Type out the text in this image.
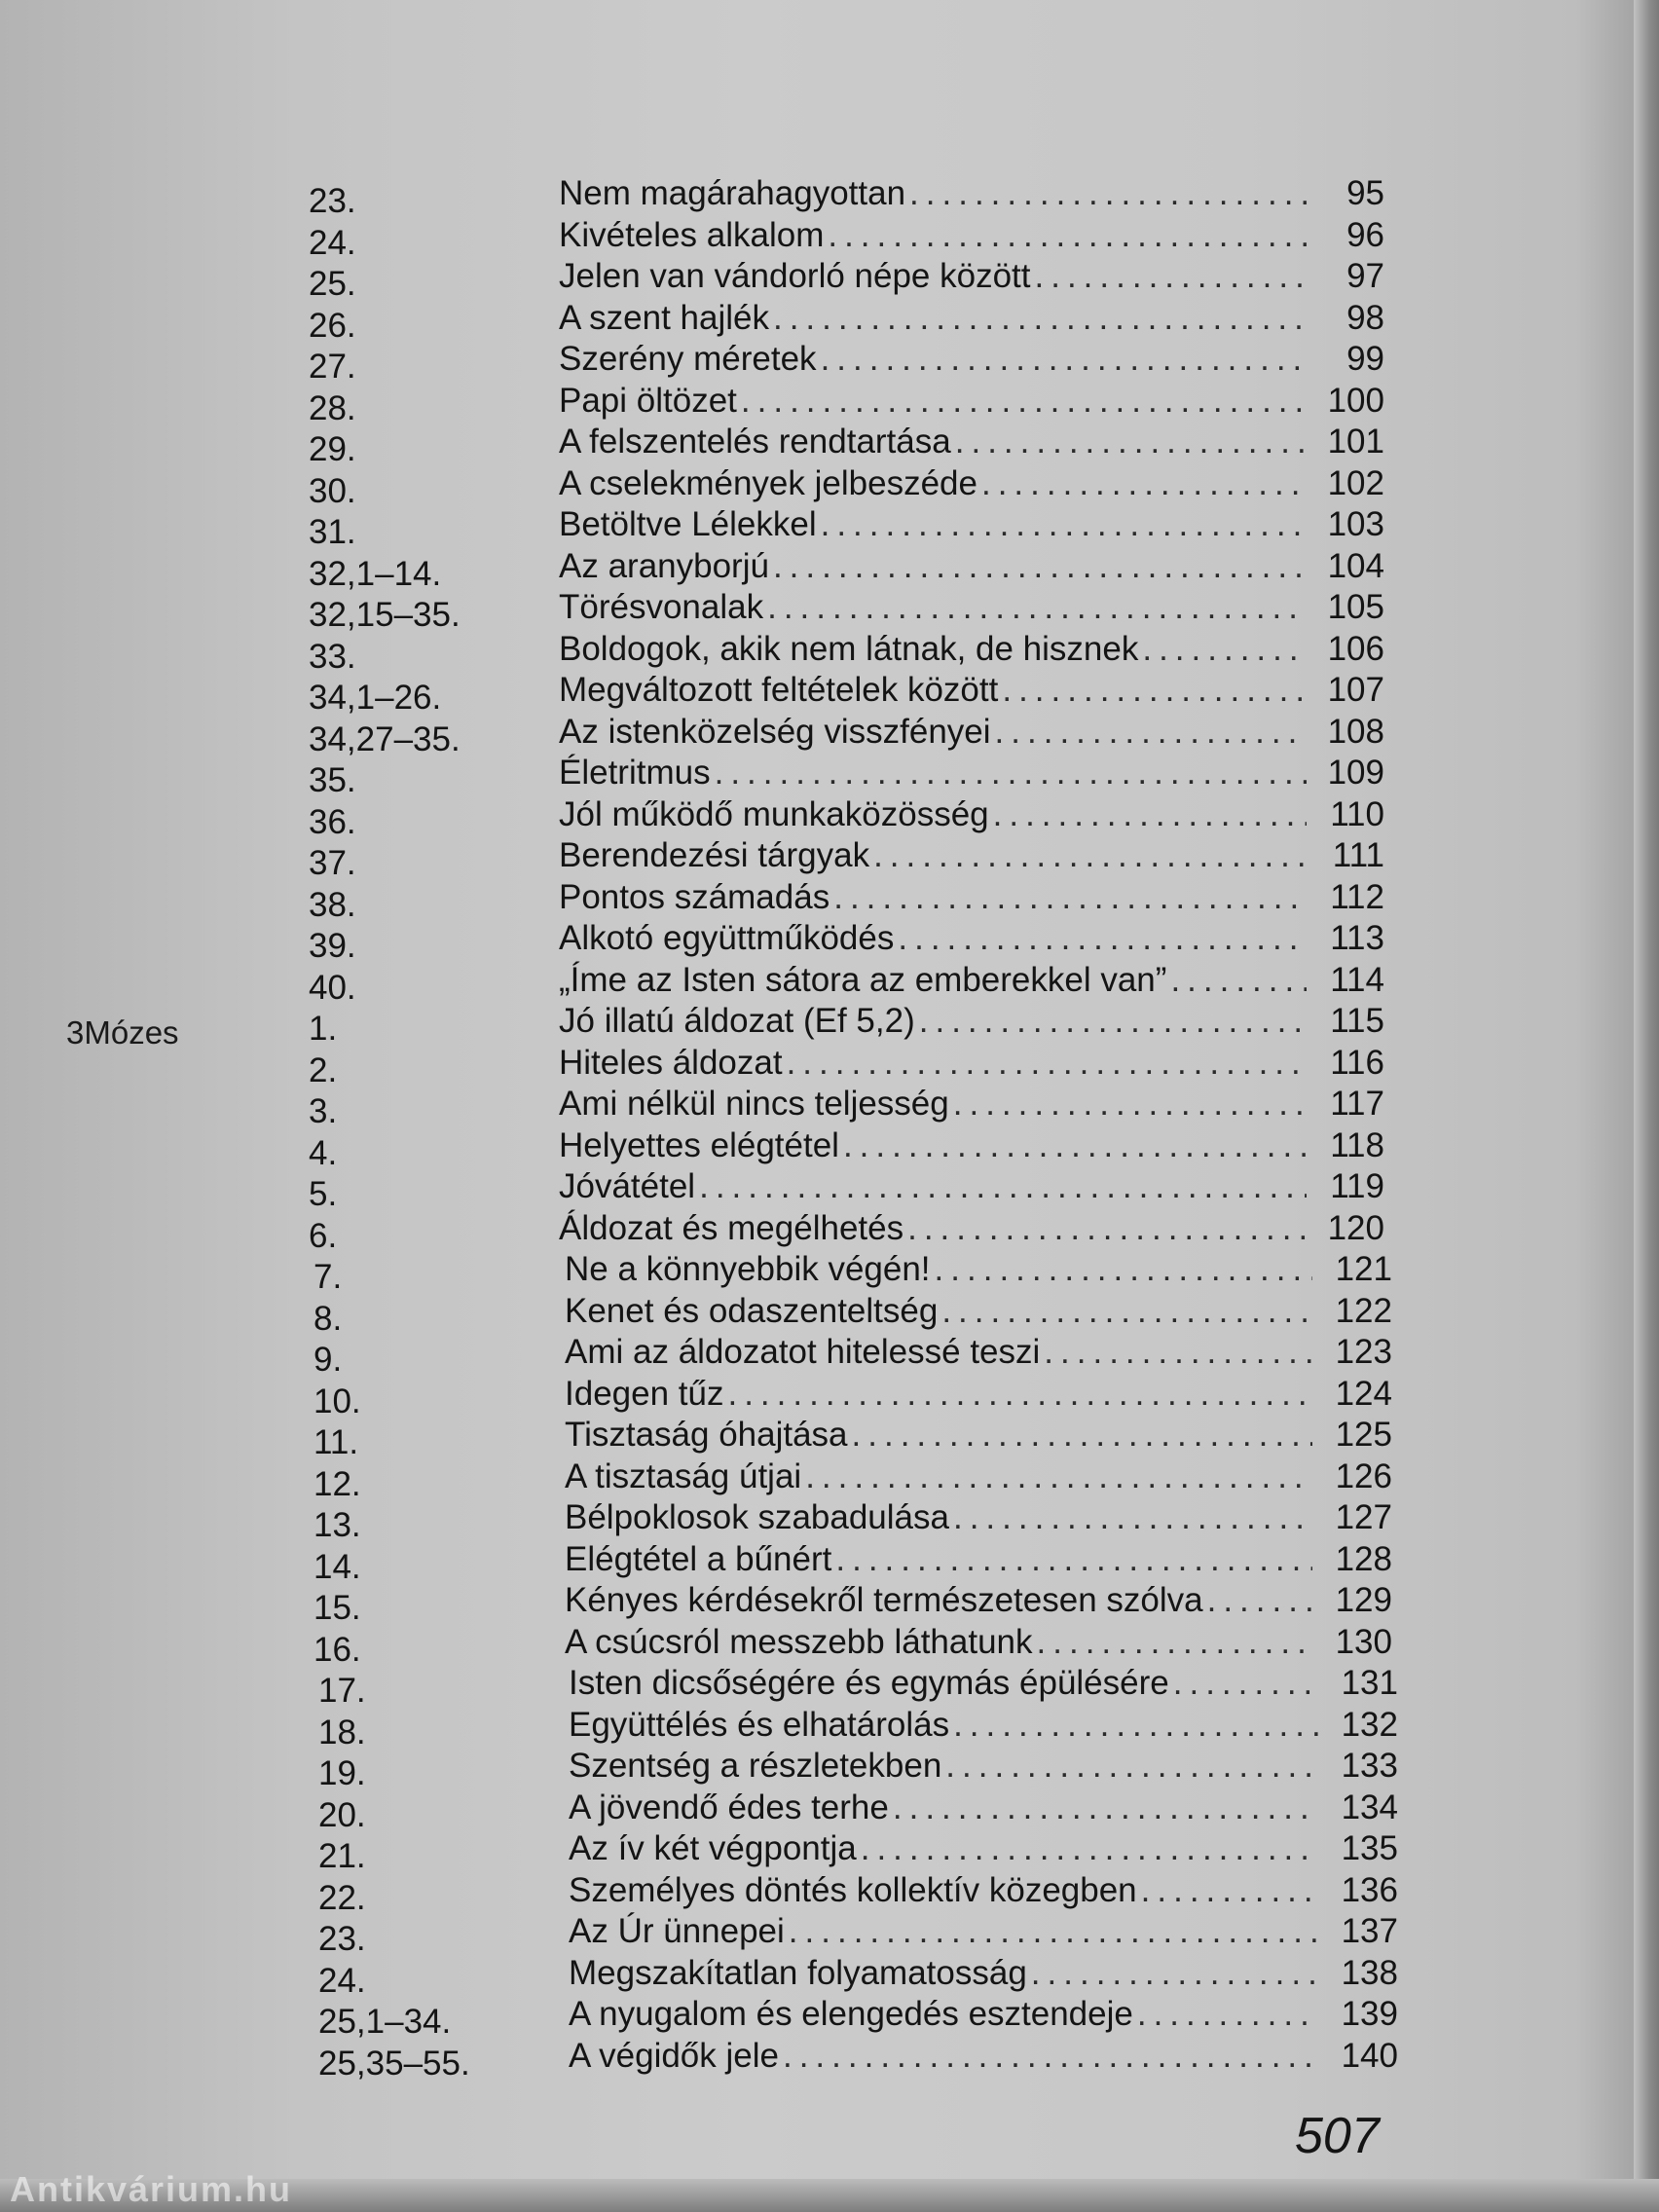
3Mózes
23.	Nem magárahagyottan .....	95
24.	Kivételes alkalom .....	96
25.	Jelen van vándorló népe között .....	97
26.	A szent hajlék .....	98
27.	Szerény méretek .....	99
28.	Papi öltözet .....	100
29.	A felszentelés rendtartása .....	101
30.	A cselekmények jelbeszéde .....	102
31.	Betöltve Lélekkel .....	103
32,1–14.	Az aranyborjú .....	104
32,15–35.	Törésvonalak .....	105
33.	Boldogok, akik nem látnak, de hisznek .....	106
34,1–26.	Megváltozott feltételek között .....	107
34,27–35.	Az istenközelség visszfényei .....	108
35.	Életritmus .....	109
36.	Jól működő munkaközösség .....	110
37.	Berendezési tárgyak .....	111
38.	Pontos számadás .....	112
39.	Alkotó együttműködés .....	113
40.	„Íme az Isten sátora az emberekkel van” .....	114
1.	Jó illatú áldozat (Ef 5,2) .....	115
2.	Hiteles áldozat .....	116
3.	Ami nélkül nincs teljesség .....	117
4.	Helyettes elégtétel .....	118
5.	Jóvátétel .....	119
6.	Áldozat és megélhetés .....	120
7.	Ne a könnyebbik végén! .....	121
8.	Kenet és odaszenteltség .....	122
9.	Ami az áldozatot hitelessé teszi .....	123
10.	Idegen tűz .....	124
11.	Tisztaság óhajtása .....	125
12.	A tisztaság útjai .....	126
13.	Bélpoklosok szabadulása .....	127
14.	Elégtétel a bűnért .....	128
15.	Kényes kérdésekről természetesen szólva .....	129
16.	A csúcsról messzebb láthatunk .....	130
17.	Isten dicsőségére és egymás épülésére .....	131
18.	Együttélés és elhatárolás .....	132
19.	Szentség a részletekben .....	133
20.	A jövendő édes terhe .....	134
21.	Az ív két végpontja .....	135
22.	Személyes döntés kollektív közegben .....	136
23.	Az Úr ünnepei .....	137
24.	Megszakítatlan folyamatosság .....	138
25,1–34.	A nyugalom és elengedés esztendeje .....	139
25,35–55.	A végidők jele .....	140
507
Antikvárium.hu
